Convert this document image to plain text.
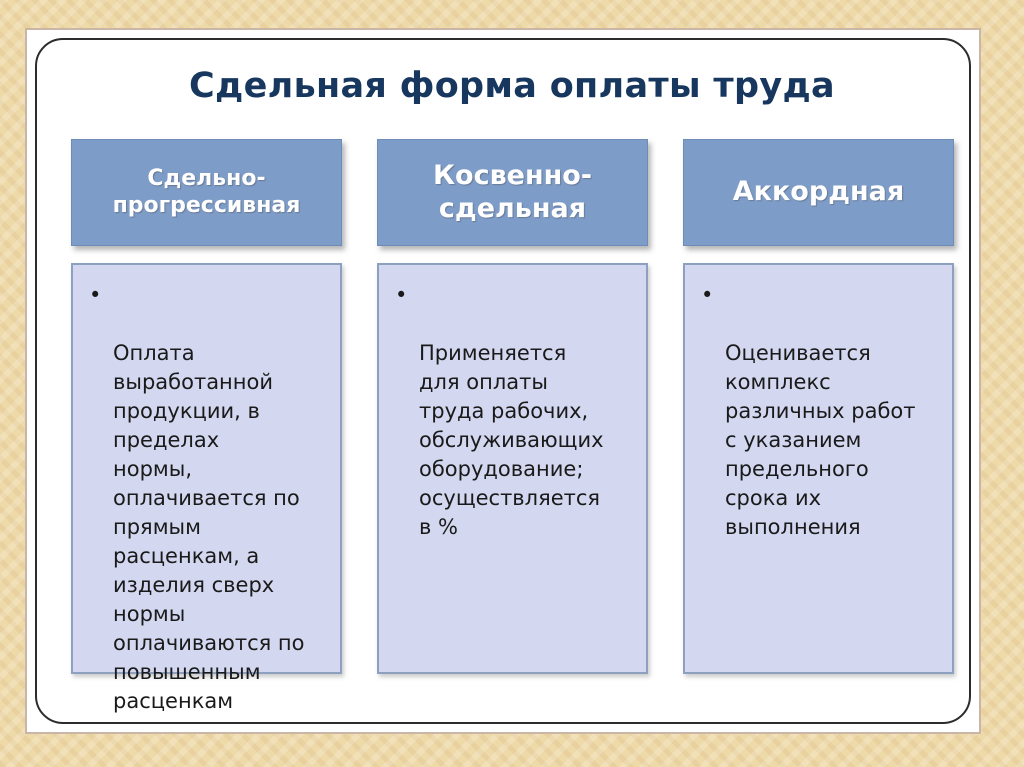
Сдельная форма оплаты труда
Сдельно-
прогрессивная
Косвенно-
сдельная
Аккордная

•

Оплата
выработанной
продукции, в
пределах
нормы,
оплачивается по
прямым
расценкам, а
изделия сверх
нормы
оплачиваются по
повышенным
расценкам

•

Применяется
для оплаты
труда рабочих,
обслуживающих
оборудование;
осуществляется
в %

•

Оценивается
комплекс
различных работ
с указанием
предельного
срока их
выполнения
